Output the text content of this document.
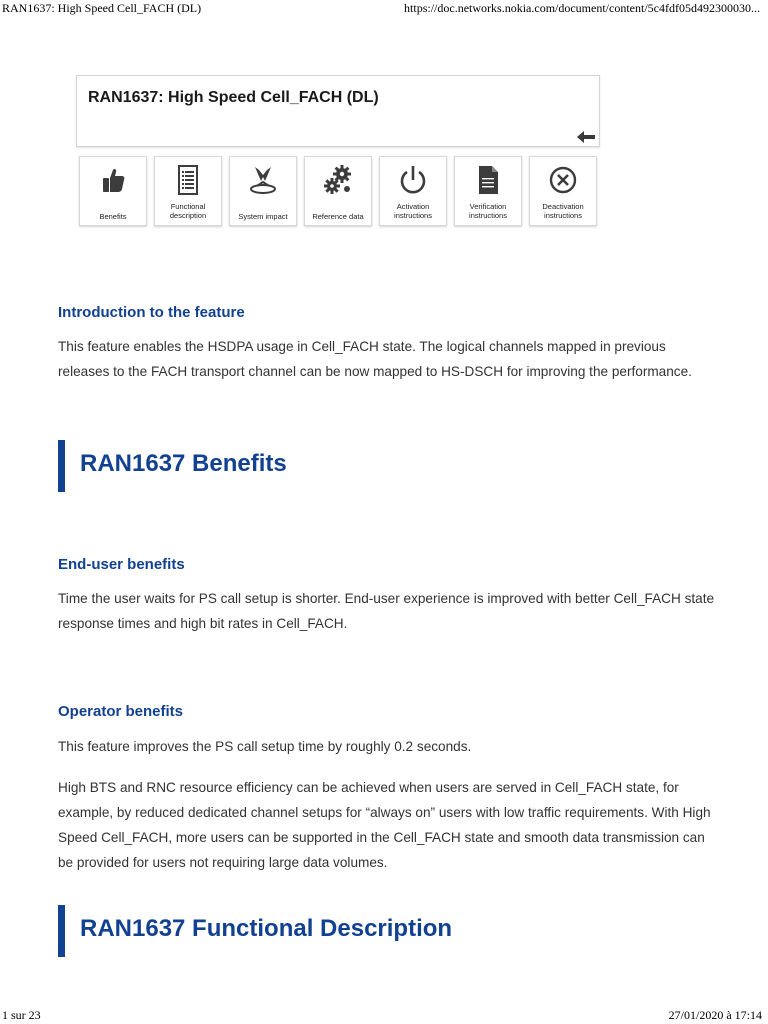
RAN1637: High Speed Cell_FACH (DL)	https://doc.networks.nokia.com/document/content/5c4fdf05d492300030...
RAN1637: High Speed Cell_FACH (DL)
Benefits
Functional
description	System impact	Reference data
Activation
instructions
Verification
instructions
Deactivation
instructions
Introduction to the feature
This feature enables the HSDPA usage in Cell_FACH state. The logical channels mapped in previous releases to the FACH transport channel can be now mapped to HS-DSCH for improving the performance.
RAN1637 Benefits
End-user benefits
Time the user waits for PS call setup is shorter. End-user experience is improved with better Cell_FACH state response times and high bit rates in Cell_FACH.
Operator benefits
This feature improves the PS call setup time by roughly 0.2 seconds.
High BTS and RNC resource efficiency can be achieved when users are served in Cell_FACH state, for example, by reduced dedicated channel setups for “always on” users with low traffic requirements. With High Speed Cell_FACH, more users can be supported in the Cell_FACH state and smooth data transmission can be provided for users not requiring large data volumes.
RAN1637 Functional Description
1 sur 23	27/01/2020 à 17:14
